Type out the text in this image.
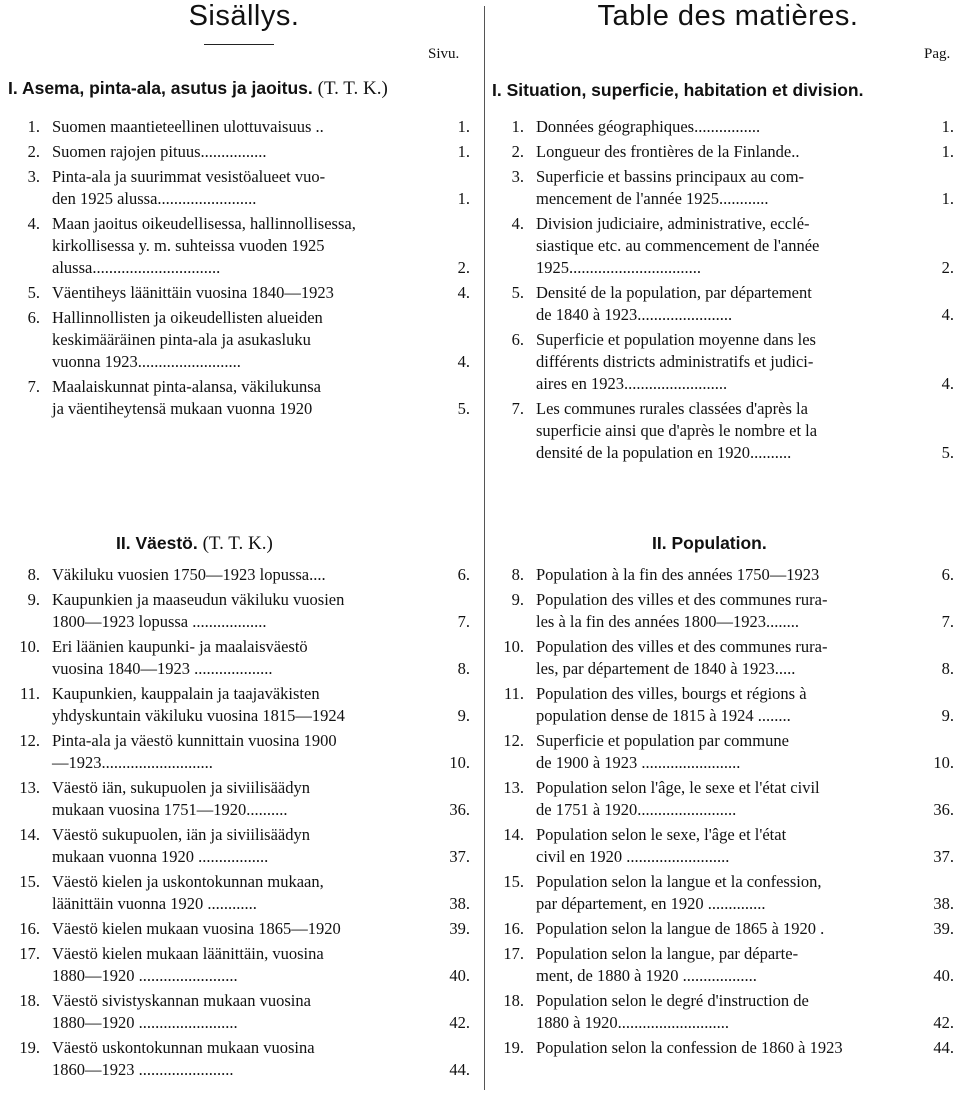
Sisällys.
Sivu.
I. Asema, pinta-ala, asutus ja jaoitus. (T. T. K.)
1. Suomen maantieteellinen ulottuvaisuus ..	1.
2. Suomen rajojen pituus................	1.
3. Pinta-ala ja suurimmat vesistöalueet vuo-
den 1925 alussa........................	1.
4. Maan jaoitus oikeudellisessa, hallinnollisessa,
kirkollisessa y. m. suhteissa vuoden 1925
alussa...............................	2.
5. Väentiheys läänittäin vuosina 1840—1923	4.
6. Hallinnollisten ja oikeudellisten alueiden
keskimääräinen pinta-ala ja asukasluku
vuonna 1923.........................	4.
7. Maalaiskunnat pinta-alansa, väkilukunsa
ja väentiheytensä mukaan vuonna 1920	5.
II. Väestö. (T. T. K.)
8. Väkiluku vuosien 1750—1923 lopussa....	6.
9. Kaupunkien ja maaseudun väkiluku vuosien
1800—1923 lopussa ..................	7.
10. Eri läänien kaupunki- ja maalaisväestö
vuosina 1840—1923 ...................	8.
11. Kaupunkien, kauppalain ja taajaväkisten
yhdyskuntain väkiluku vuosina 1815—1924	9.
12. Pinta-ala ja väestö kunnittain vuosina 1900
—1923...........................	10.
13. Väestö iän, sukupuolen ja siviilisäädyn
mukaan vuosina 1751—1920..........	36.
14. Väestö sukupuolen, iän ja siviilisäädyn
mukaan vuonna 1920 .................	37.
15. Väestö kielen ja uskontokunnan mukaan,
läänittäin vuonna 1920 ............	38.
16. Väestö kielen mukaan vuosina 1865—1920	39.
17. Väestö kielen mukaan läänittäin, vuosina
1880—1920 ........................	40.
18. Väestö sivistyskannan mukaan vuosina
1880—1920 ........................	42.
19. Väestö uskontokunnan mukaan vuosina
1860—1923 .......................	44.
Table des matières.
Pag.
I. Situation, superficie, habitation et division.
1. Données géographiques................	1.
2. Longueur des frontières de la Finlande..	1.
3. Superficie et bassins principaux au com-
mencement de l'année 1925............	1.
4. Division judiciaire, administrative, ecclé-
siastique etc. au commencement de l'année
1925................................	2.
5. Densité de la population, par département
de 1840 à 1923.......................	4.
6. Superficie et population moyenne dans les
différents districts administratifs et judici-
aires en 1923.........................	4.
7. Les communes rurales classées d'après la
superficie ainsi que d'après le nombre et la
densité de la population en 1920..........	5.
II. Population.
8. Population à la fin des années 1750—1923	6.
9. Population des villes et des communes rura-
les à la fin des années 1800—1923........	7.
10. Population des villes et des communes rura-
les, par département de 1840 à 1923.....	8.
11. Population des villes, bourgs et régions à
population dense de 1815 à 1924 ........	9.
12. Superficie et population par commune
de 1900 à 1923 ........................	10.
13. Population selon l'âge, le sexe et l'état civil
de 1751 à 1920........................	36.
14. Population selon le sexe, l'âge et l'état
civil en 1920 .........................	37.
15. Population selon la langue et la confession,
par département, en 1920 ..............	38.
16. Population selon la langue de 1865 à 1920 .	39.
17. Population selon la langue, par départe-
ment, de 1880 à 1920 ..................	40.
18. Population selon le degré d'instruction de
1880 à 1920...........................	42.
19. Population selon la confession de 1860 à 1923	44.
